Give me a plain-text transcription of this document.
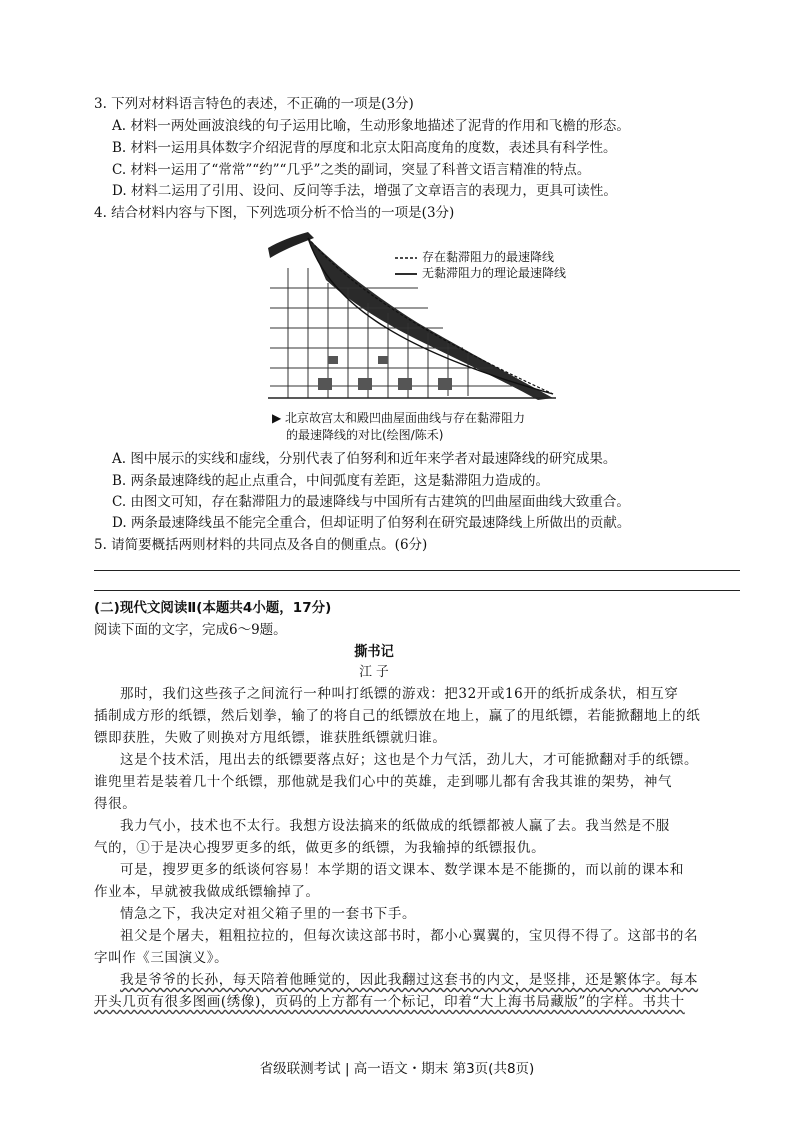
3. 下列对材料语言特色的表述，不正确的一项是(3分)
A. 材料一两处画波浪线的句子运用比喻，生动形象地描述了泥背的作用和飞檐的形态。
B. 材料一运用具体数字介绍泥背的厚度和北京太阳高度角的度数，表述具有科学性。
C. 材料一运用了“常常”“约”“几乎”之类的副词，突显了科普文语言精准的特点。
D. 材料二运用了引用、设问、反问等手法，增强了文章语言的表现力，更具可读性。
4. 结合材料内容与下图，下列选项分析不恰当的一项是(3分)
存在黏滞阻力的最速降线
无黏滞阻力的理论最速降线
▶ 北京故宫太和殿凹曲屋面曲线与存在黏滞阻力
的最速降线的对比(绘图/陈禾)
A. 图中展示的实线和虚线，分别代表了伯努利和近年来学者对最速降线的研究成果。
B. 两条最速降线的起止点重合，中间弧度有差距，这是黏滞阻力造成的。
C. 由图文可知，存在黏滞阻力的最速降线与中国所有古建筑的凹曲屋面曲线大致重合。
D. 两条最速降线虽不能完全重合，但却证明了伯努利在研究最速降线上所做出的贡献。
5. 请简要概括两则材料的共同点及各自的侧重点。(6分)
(二)现代文阅读Ⅱ(本题共4小题，17分)
阅读下面的文字，完成6～9题。
撕书记
江 子
那时，我们这些孩子之间流行一种叫打纸镖的游戏：把32开或16开的纸折成条状，相互穿
插制成方形的纸镖，然后划拳，输了的将自己的纸镖放在地上，赢了的甩纸镖，若能掀翻地上的纸
镖即获胜，失败了则换对方甩纸镖，谁获胜纸镖就归谁。
这是个技术活，甩出去的纸镖要落点好；这也是个力气活，劲儿大，才可能掀翻对手的纸镖。
谁兜里若是装着几十个纸镖，那他就是我们心中的英雄，走到哪儿都有舍我其谁的架势，神气
得很。
我力气小，技术也不太行。我想方设法搞来的纸做成的纸镖都被人赢了去。我当然是不服
气的，①于是决心搜罗更多的纸，做更多的纸镖，为我输掉的纸镖报仇。
可是，搜罗更多的纸谈何容易！本学期的语文课本、数学课本是不能撕的，而以前的课本和
作业本，早就被我做成纸镖输掉了。
情急之下，我决定对祖父箱子里的一套书下手。
祖父是个屠夫，粗粗拉拉的，但每次读这部书时，都小心翼翼的，宝贝得不得了。这部书的名
字叫作《三国演义》。
我是爷爷的长孙，每天陪着他睡觉的，因此我翻过这套书的内文，是竖排，还是繁体字。每本
开头几页有很多图画(绣像)，页码的上方都有一个标记，印着“大上海书局藏版”的字样。书共十
省级联测考试 | 高一语文・期末 第3页(共8页)
